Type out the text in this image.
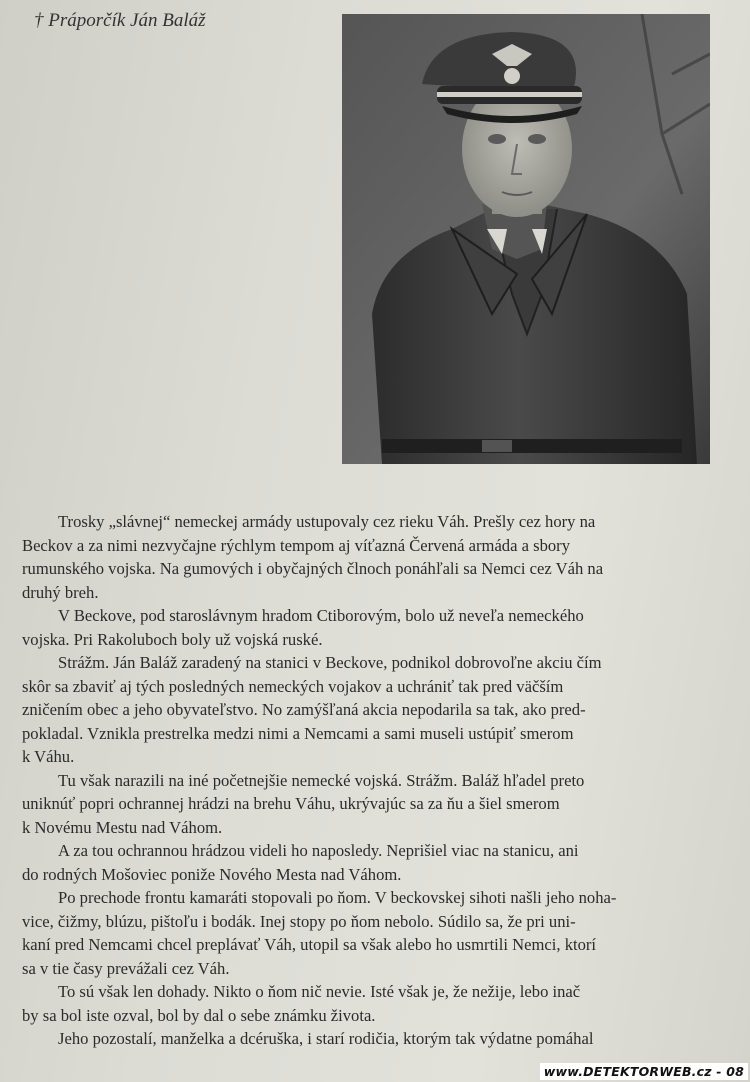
† Práporčík Ján Baláž
Trosky „slávnej“ nemeckej armády ustupovaly cez rieku Váh. Prešly cez hory na
Beckov a za nimi nezvyčajne rýchlym tempom aj víťazná Červená armáda a sbory
rumunského vojska. Na gumových i obyčajných člnoch ponáhľali sa Nemci cez Váh na
druhý breh.
V Beckove, pod staroslávnym hradom Ctiborovým, bolo už neveľa nemeckého
vojska. Pri Rakoluboch boly už vojská ruské.
Strážm. Ján Baláž zaradený na stanici v Beckove, podnikol dobrovoľne akciu čím
skôr sa zbaviť aj tých posledných nemeckých vojakov a uchrániť tak pred väčším
zničením obec a jeho obyvateľstvo. No zamýšľaná akcia nepodarila sa tak, ako pred-
pokladal. Vznikla prestrelka medzi nimi a Nemcami a sami museli ustúpiť smerom
k Váhu.
Tu však narazili na iné početnejšie nemecké vojská. Strážm. Baláž hľadel preto
uniknúť popri ochrannej hrádzi na brehu Váhu, ukrývajúc sa za ňu a šiel smerom
k Novému Mestu nad Váhom.
A za tou ochrannou hrádzou videli ho naposledy. Neprišiel viac na stanicu, ani
do rodných Mošoviec poniže Nového Mesta nad Váhom.
Po prechode frontu kamaráti stopovali po ňom. V beckovskej sihoti našli jeho noha-
vice, čižmy, blúzu, pištoľu i bodák. Inej stopy po ňom nebolo. Súdilo sa, že pri uni-
kaní pred Nemcami chcel preplávať Váh, utopil sa však alebo ho usmrtili Nemci, ktorí
sa v tie časy prevážali cez Váh.
To sú však len dohady. Nikto o ňom nič nevie. Isté však je, že nežije, lebo inač
by sa bol iste ozval, bol by dal o sebe známku života.
Jeho pozostalí, manželka a dcéruška, i starí rodičia, ktorým tak výdatne pomáhal
www.DETEKTORWEB.cz - 08
